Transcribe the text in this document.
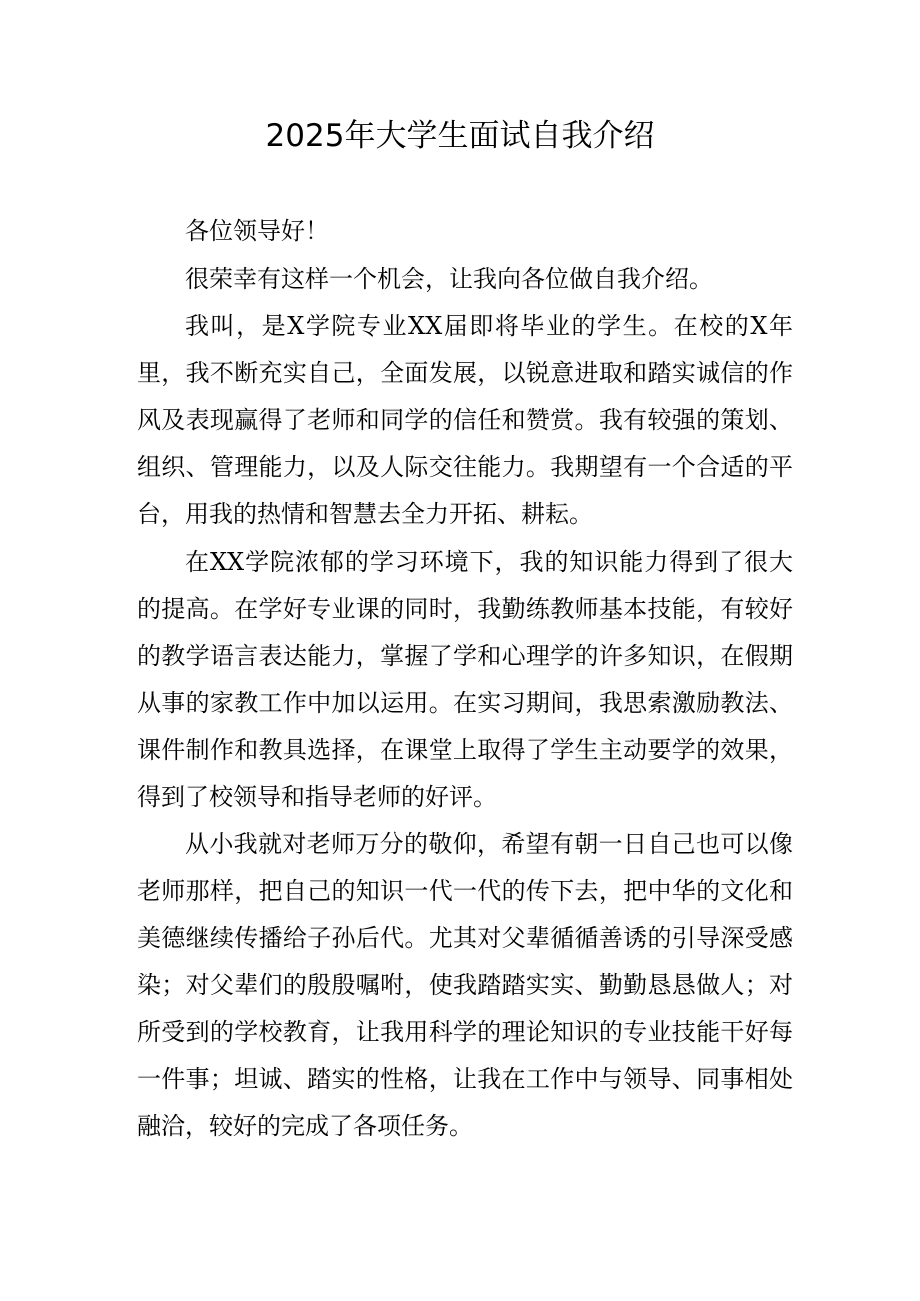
2025年大学生面试自我介绍

各位领导好！

很荣幸有这样一个机会，让我向各位做自我介绍。

我叫，是X学院专业XX届即将毕业的学生。在校的X年里，我不断充实自己，全面发展，以锐意进取和踏实诚信的作风及表现赢得了老师和同学的信任和赞赏。我有较强的策划、组织、管理能力，以及人际交往能力。我期望有一个合适的平台，用我的热情和智慧去全力开拓、耕耘。

在XX学院浓郁的学习环境下，我的知识能力得到了很大的提高。在学好专业课的同时，我勤练教师基本技能，有较好的教学语言表达能力，掌握了学和心理学的许多知识，在假期从事的家教工作中加以运用。在实习期间，我思索激励教法、课件制作和教具选择，在课堂上取得了学生主动要学的效果，得到了校领导和指导老师的好评。

从小我就对老师万分的敬仰，希望有朝一日自己也可以像老师那样，把自己的知识一代一代的传下去，把中华的文化和美德继续传播给子孙后代。尤其对父辈循循善诱的引导深受感染；对父辈们的殷殷嘱咐，使我踏踏实实、勤勤恳恳做人；对所受到的学校教育，让我用科学的理论知识的专业技能干好每一件事；坦诚、踏实的性格，让我在工作中与领导、同事相处融洽，较好的完成了各项任务。
